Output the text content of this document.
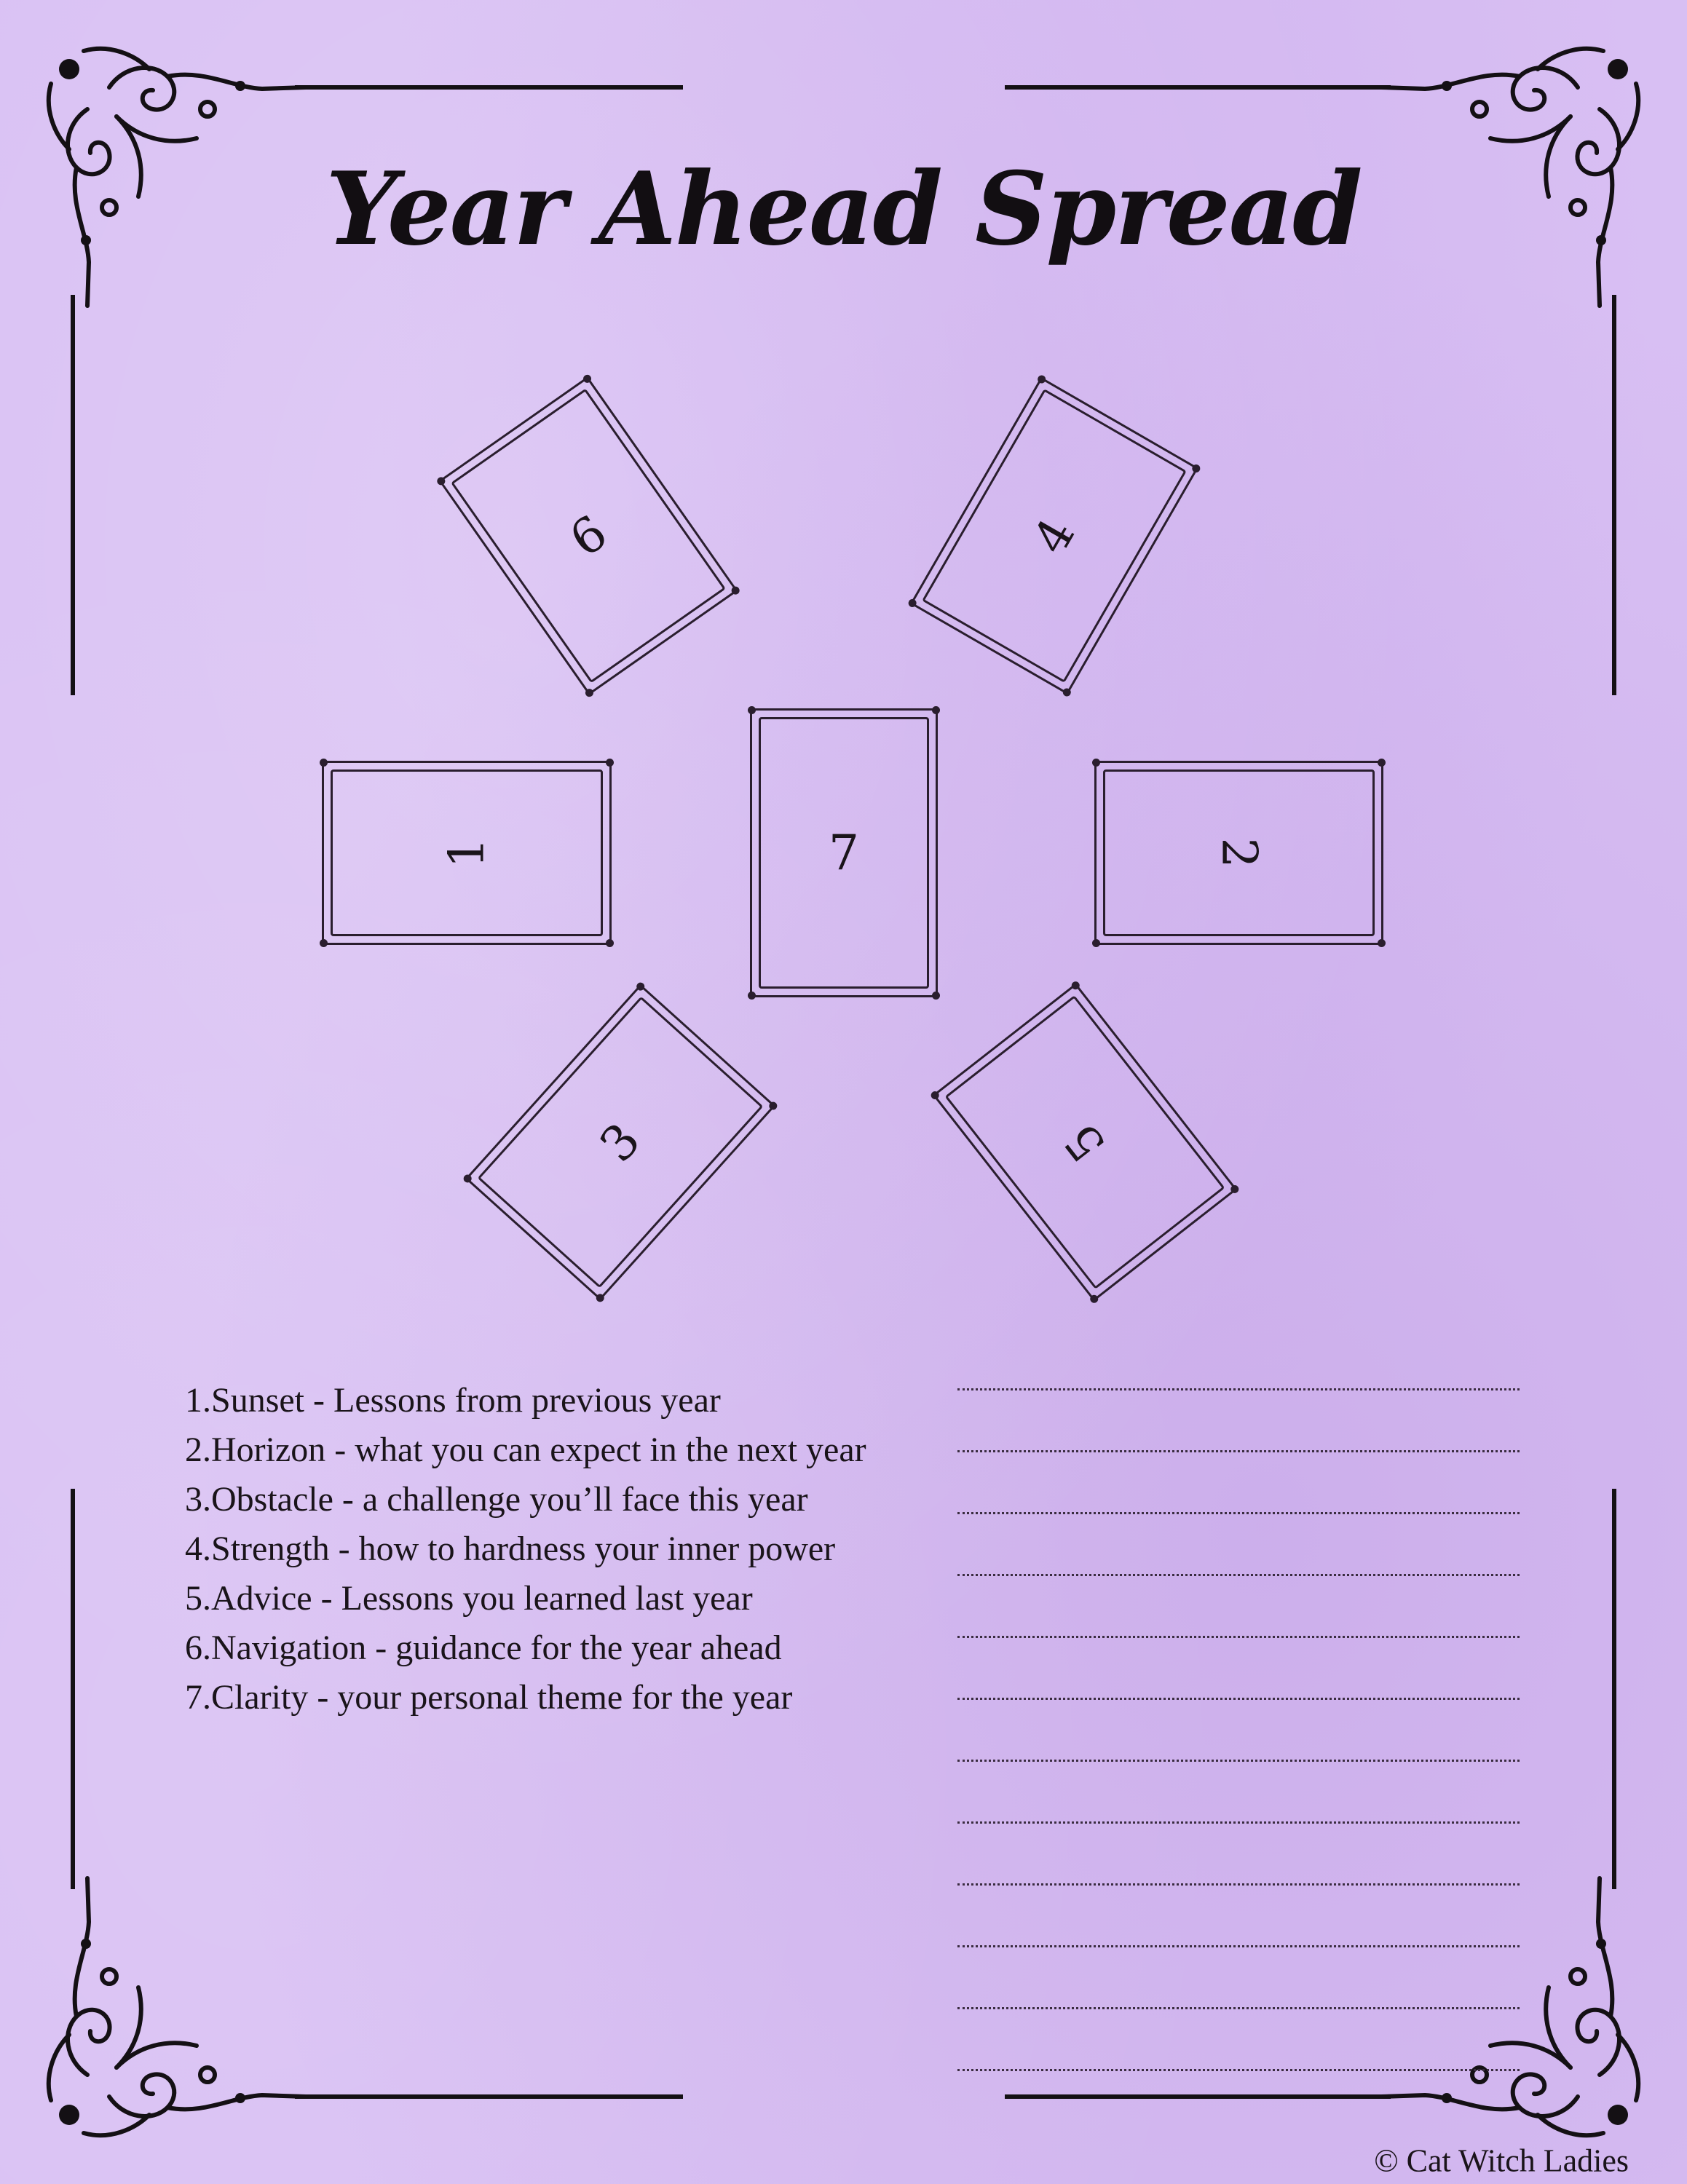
Year Ahead Spread
6	4
1	7	2
3	5
1. Sunset - Lessons from previous year
2. Horizon - what you can expect in the next year
3. Obstacle - a challenge you’ll face this year
4. Strength - how to hardness your inner power
5. Advice - Lessons you learned last year
6. Navigation - guidance for the year ahead
7. Clarity - your personal theme for the year
© Cat Witch Ladies
